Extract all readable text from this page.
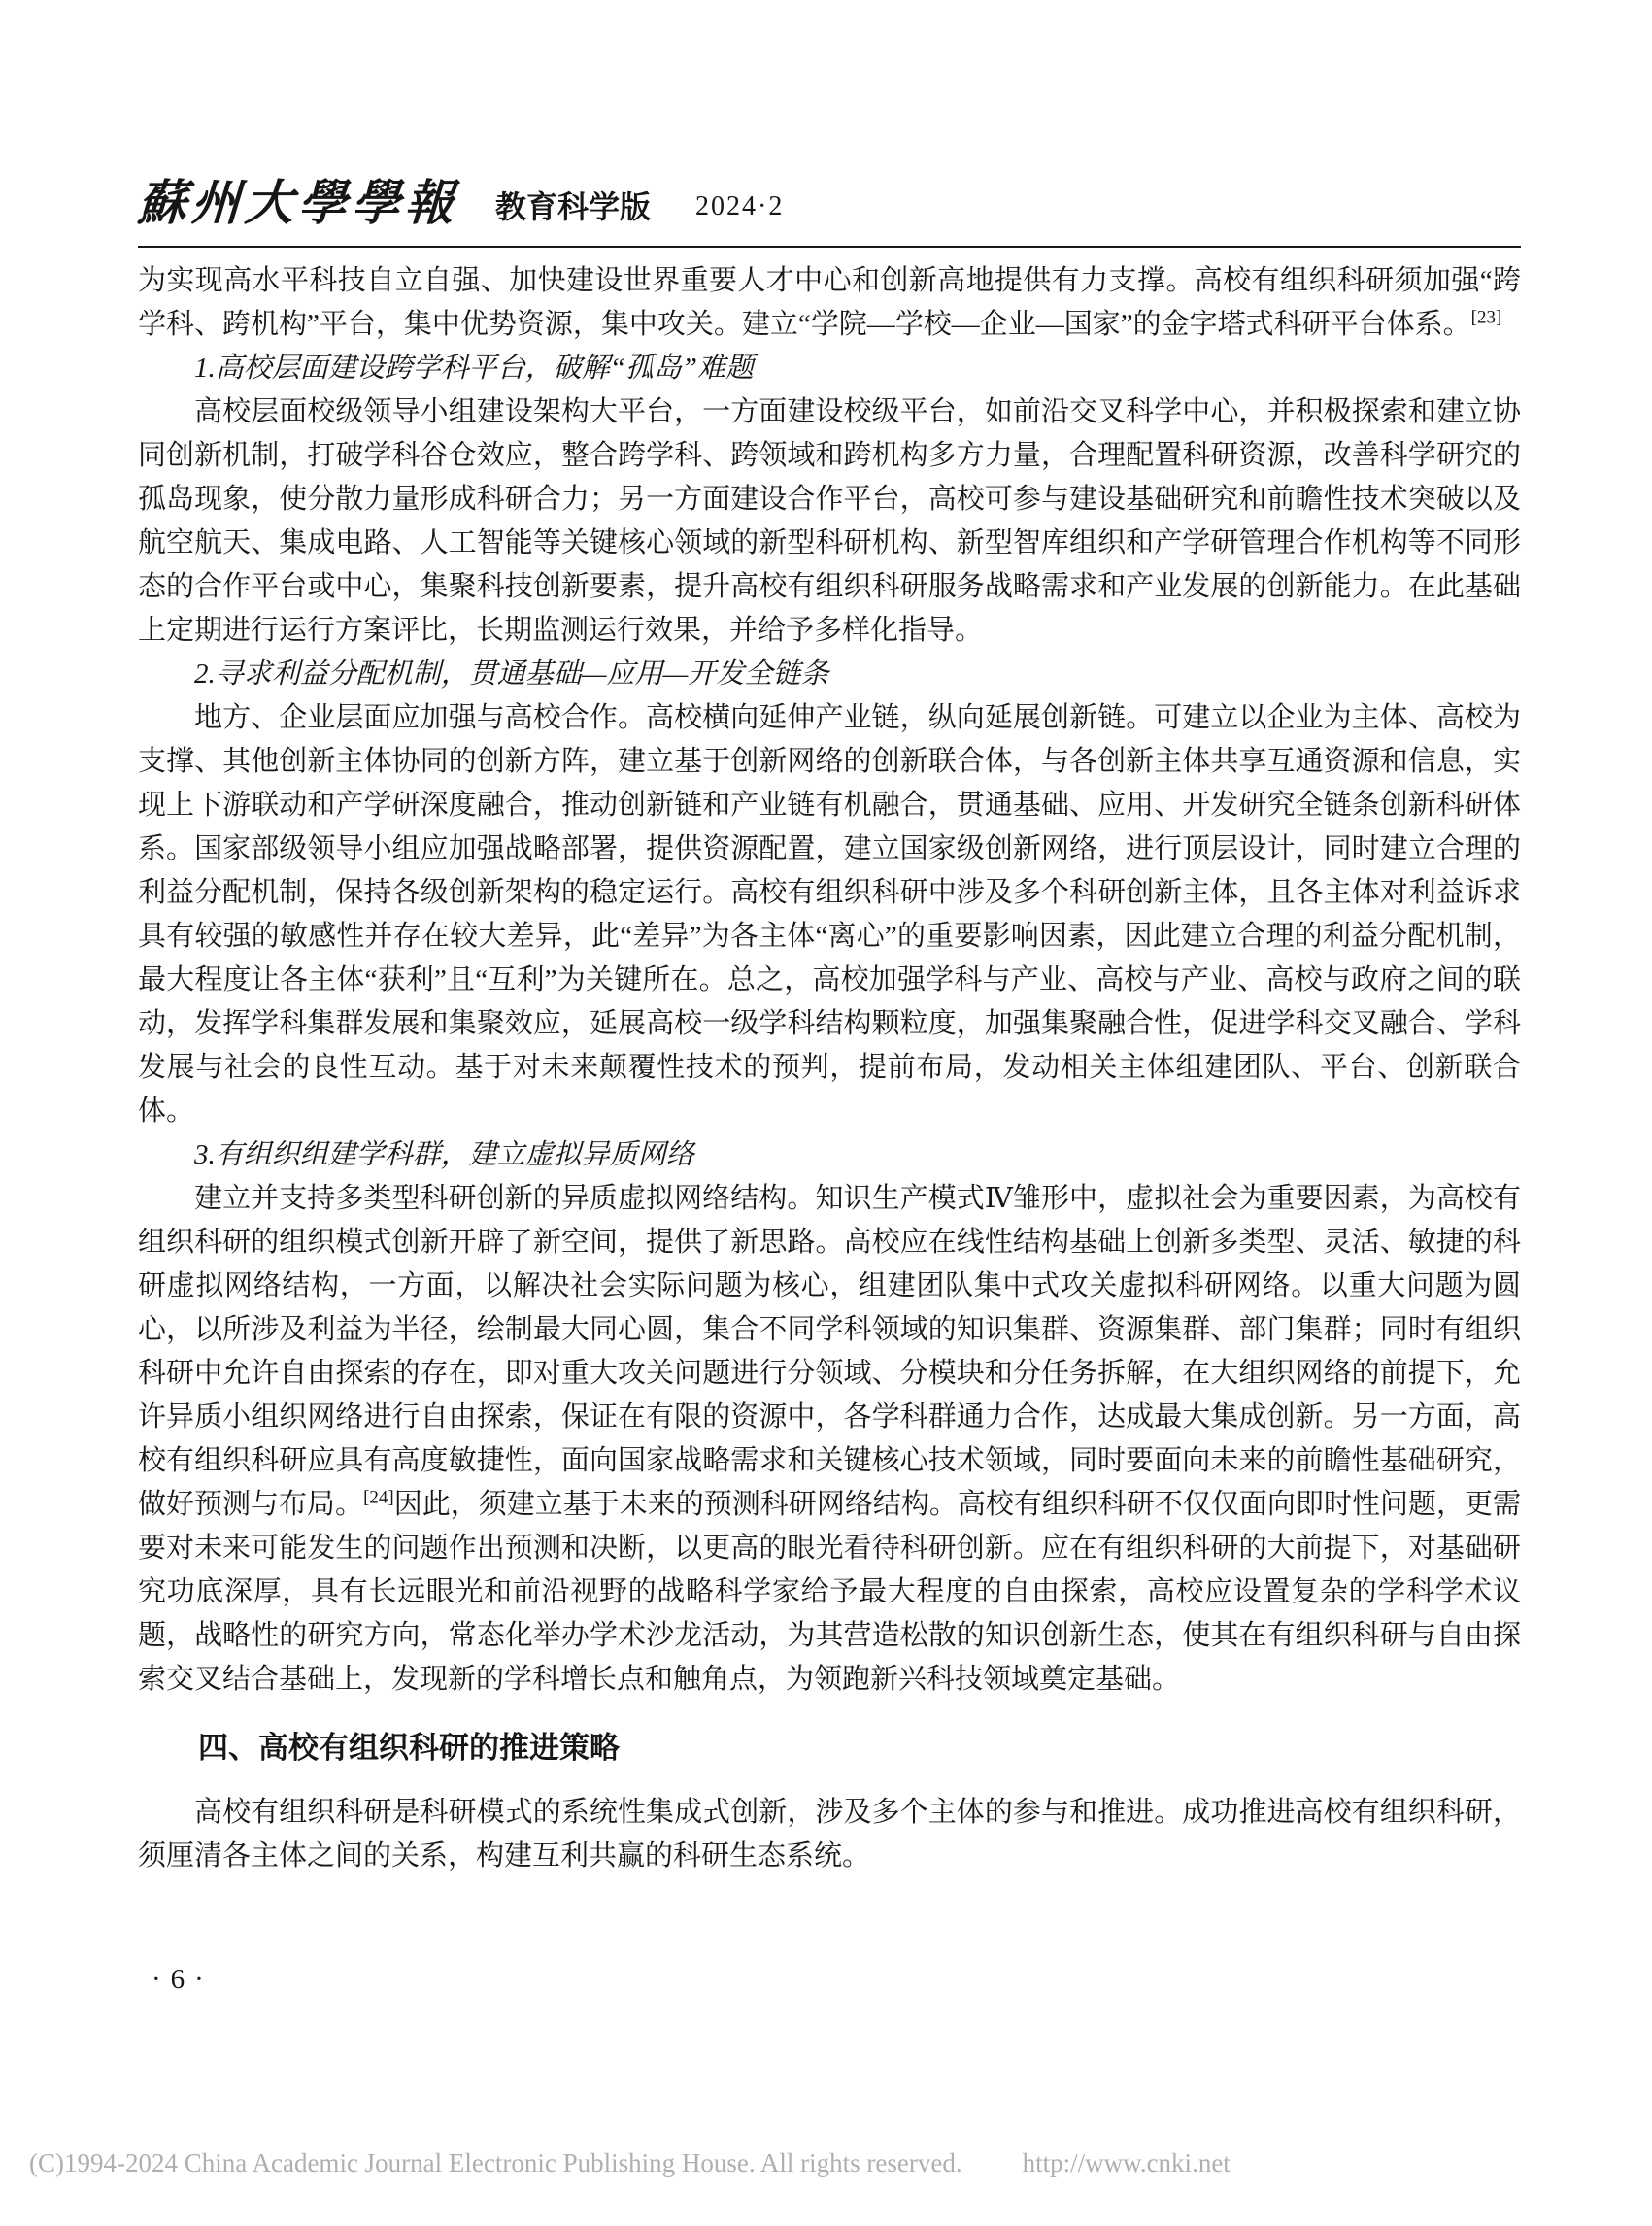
蘇州大學學報 教育科学版 2024·2

为实现高水平科技自立自强、加快建设世界重要人才中心和创新高地提供有力支撑。高校有组织科研须加强“跨学科、跨机构”平台，集中优势资源，集中攻关。建立“学院—学校—企业—国家”的金字塔式科研平台体系。[23]

1.高校层面建设跨学科平台，破解“孤岛”难题

高校层面校级领导小组建设架构大平台，一方面建设校级平台，如前沿交叉科学中心，并积极探索和建立协同创新机制，打破学科谷仓效应，整合跨学科、跨领域和跨机构多方力量，合理配置科研资源，改善科学研究的孤岛现象，使分散力量形成科研合力；另一方面建设合作平台，高校可参与建设基础研究和前瞻性技术突破以及航空航天、集成电路、人工智能等关键核心领域的新型科研机构、新型智库组织和产学研管理合作机构等不同形态的合作平台或中心，集聚科技创新要素，提升高校有组织科研服务战略需求和产业发展的创新能力。在此基础上定期进行运行方案评比，长期监测运行效果，并给予多样化指导。

2.寻求利益分配机制，贯通基础—应用—开发全链条

地方、企业层面应加强与高校合作。高校横向延伸产业链，纵向延展创新链。可建立以企业为主体、高校为支撑、其他创新主体协同的创新方阵，建立基于创新网络的创新联合体，与各创新主体共享互通资源和信息，实现上下游联动和产学研深度融合，推动创新链和产业链有机融合，贯通基础、应用、开发研究全链条创新科研体系。国家部级领导小组应加强战略部署，提供资源配置，建立国家级创新网络，进行顶层设计，同时建立合理的利益分配机制，保持各级创新架构的稳定运行。高校有组织科研中涉及多个科研创新主体，且各主体对利益诉求具有较强的敏感性并存在较大差异，此“差异”为各主体“离心”的重要影响因素，因此建立合理的利益分配机制，最大程度让各主体“获利”且“互利”为关键所在。总之，高校加强学科与产业、高校与产业、高校与政府之间的联动，发挥学科集群发展和集聚效应，延展高校一级学科结构颗粒度，加强集聚融合性，促进学科交叉融合、学科发展与社会的良性互动。基于对未来颠覆性技术的预判，提前布局，发动相关主体组建团队、平台、创新联合体。

3.有组织组建学科群，建立虚拟异质网络

建立并支持多类型科研创新的异质虚拟网络结构。知识生产模式Ⅳ雏形中，虚拟社会为重要因素，为高校有组织科研的组织模式创新开辟了新空间，提供了新思路。高校应在线性结构基础上创新多类型、灵活、敏捷的科研虚拟网络结构，一方面，以解决社会实际问题为核心，组建团队集中式攻关虚拟科研网络。以重大问题为圆心，以所涉及利益为半径，绘制最大同心圆，集合不同学科领域的知识集群、资源集群、部门集群；同时有组织科研中允许自由探索的存在，即对重大攻关问题进行分领域、分模块和分任务拆解，在大组织网络的前提下，允许异质小组织网络进行自由探索，保证在有限的资源中，各学科群通力合作，达成最大集成创新。另一方面，高校有组织科研应具有高度敏捷性，面向国家战略需求和关键核心技术领域，同时要面向未来的前瞻性基础研究，做好预测与布局。[24]因此，须建立基于未来的预测科研网络结构。高校有组织科研不仅仅面向即时性问题，更需要对未来可能发生的问题作出预测和决断，以更高的眼光看待科研创新。应在有组织科研的大前提下，对基础研究功底深厚，具有长远眼光和前沿视野的战略科学家给予最大程度的自由探索，高校应设置复杂的学科学术议题，战略性的研究方向，常态化举办学术沙龙活动，为其营造松散的知识创新生态，使其在有组织科研与自由探索交叉结合基础上，发现新的学科增长点和触角点，为领跑新兴科技领域奠定基础。

四、高校有组织科研的推进策略

高校有组织科研是科研模式的系统性集成式创新，涉及多个主体的参与和推进。成功推进高校有组织科研，须厘清各主体之间的关系，构建互利共赢的科研生态系统。

·6·
(C)1994-2024 China Academic Journal Electronic Publishing House. All rights reserved. http://www.cnki.net
